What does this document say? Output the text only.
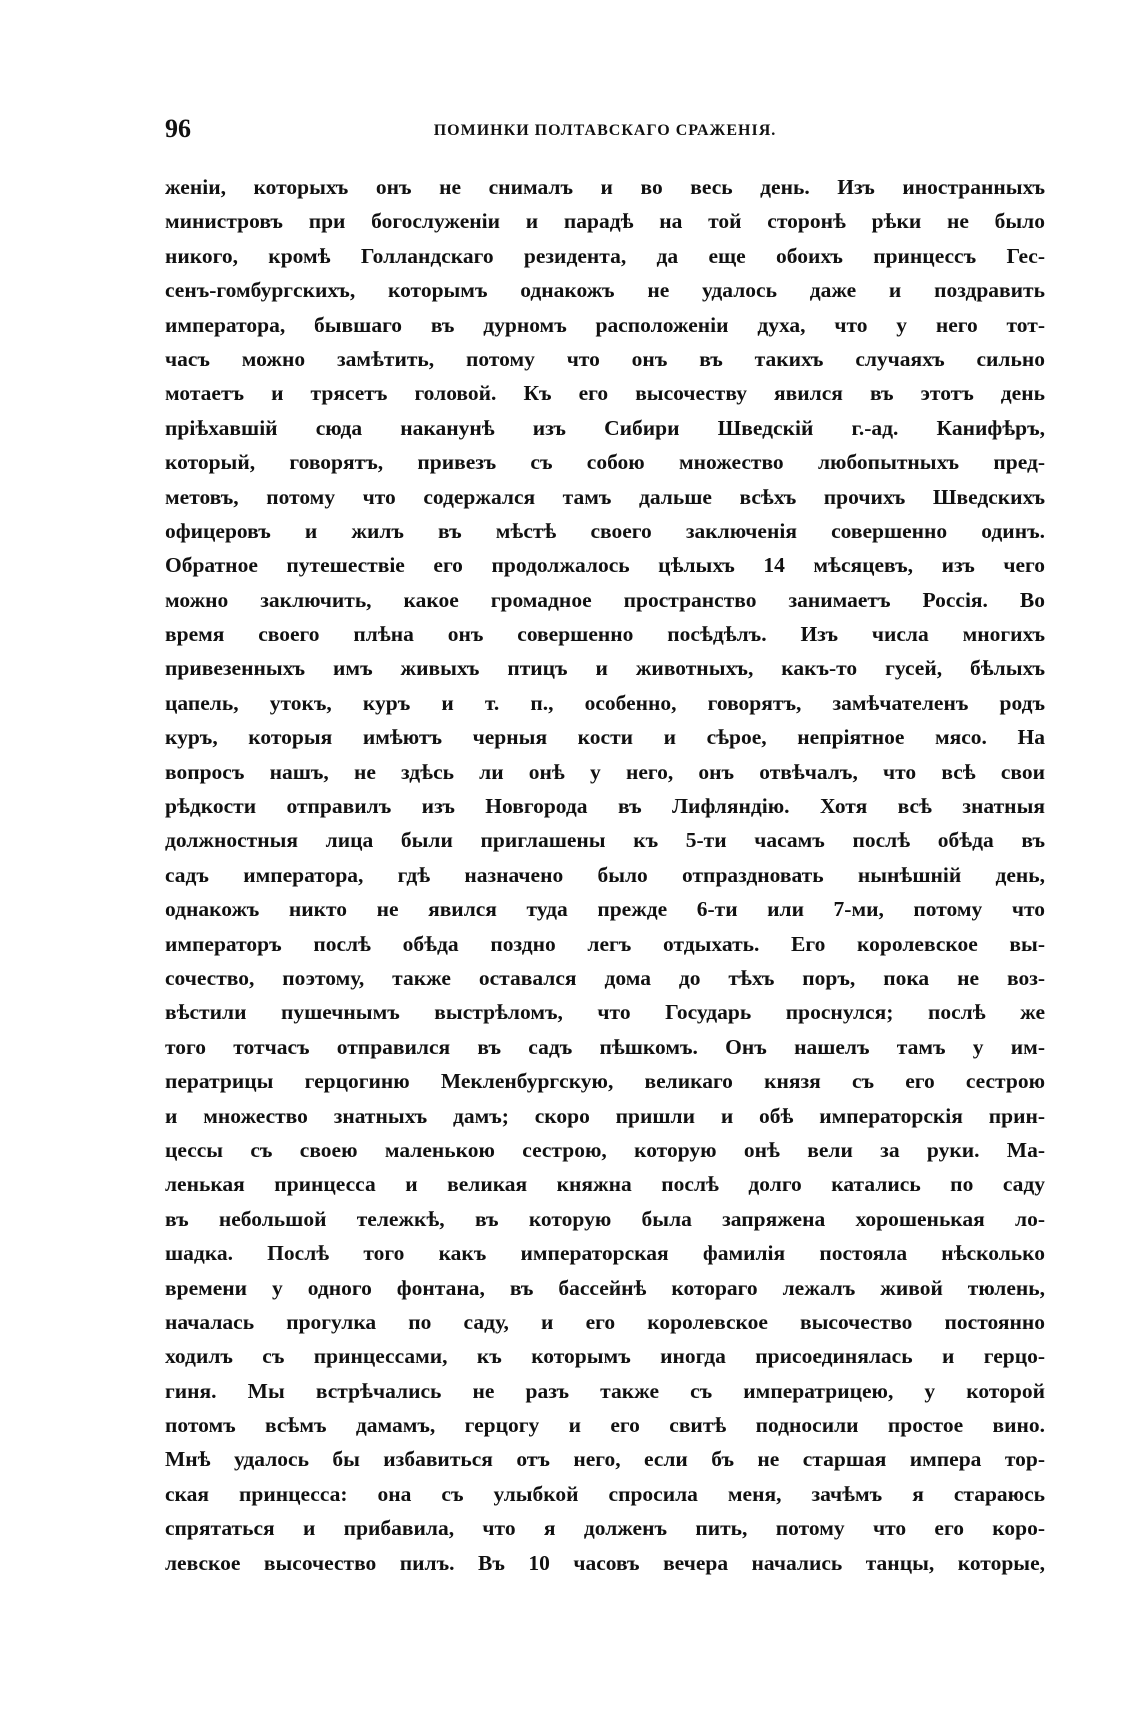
96	ПОМИНКИ ПОЛТАВСКАГО СРАЖЕНІЯ.
женіи, которыхъ онъ не снималъ и во весь день. Изъ иностранныхъ
министровъ при богослуженіи и парадѣ на той сторонѣ рѣки не было
никого, кромѣ Голландскаго резидента, да еще обоихъ принцессъ Гес-
сенъ-гомбургскихъ, которымъ однакожъ не удалось даже и поздравить
императора, бывшаго въ дурномъ расположеніи духа, что у него тот-
часъ можно замѣтить, потому что онъ въ такихъ случаяхъ сильно
мотаетъ и трясетъ головой. Къ его высочеству явился въ этотъ день
пріѣхавшій сюда наканунѣ изъ Сибири Шведскій г.-ад. Канифѣръ,
который, говорятъ, привезъ съ собою множество любопытныхъ пред-
метовъ, потому что содержался тамъ дальше всѣхъ прочихъ Шведскихъ
офицеровъ и жилъ въ мѣстѣ своего заключенія совершенно одинъ.
Обратное путешествіе его продолжалось цѣлыхъ 14 мѣсяцевъ, изъ чего
можно заключить, какое громадное пространство занимаетъ Россія. Во
время своего плѣна онъ совершенно посѣдѣлъ. Изъ числа многихъ
привезенныхъ имъ живыхъ птицъ и животныхъ, какъ-то гусей, бѣлыхъ
цапель, утокъ, куръ и т. п., особенно, говорятъ, замѣчателенъ родъ
куръ, которыя имѣютъ черныя кости и сѣрое, непріятное мясо. На
вопросъ нашъ, не здѣсь ли онѣ у него, онъ отвѣчалъ, что всѣ свои
рѣдкости отправилъ изъ Новгорода въ Лифляндію. Хотя всѣ знатныя
должностныя лица были приглашены къ 5-ти часамъ послѣ обѣда въ
садъ императора, гдѣ назначено было отпраздновать нынѣшній день,
однакожъ никто не явился туда прежде 6-ти или 7-ми, потому что
императоръ послѣ обѣда поздно легъ отдыхать. Его королевское вы-
сочество, поэтому, также оставался дома до тѣхъ поръ, пока не воз-
вѣстили пушечнымъ выстрѣломъ, что Государь проснулся; послѣ же
того тотчасъ отправился въ садъ пѣшкомъ. Онъ нашелъ тамъ у им-
ператрицы герцогиню Мекленбургскую, великаго князя съ его сестрою
и множество знатныхъ дамъ; скоро пришли и обѣ императорскія прин-
цессы съ своею маленькою сестрою, которую онѣ вели за руки. Ма-
ленькая принцесса и великая княжна послѣ долго катались по саду
въ небольшой тележкѣ, въ которую была запряжена хорошенькая ло-
шадка. Послѣ того какъ императорская фамилія постояла нѣсколько
времени у одного фонтана, въ бассейнѣ котораго лежалъ живой тюлень,
началась прогулка по саду, и его королевское высочество постоянно
ходилъ съ принцессами, къ которымъ иногда присоединялась и герцо-
гиня. Мы встрѣчались не разъ также съ императрицею, у которой
потомъ всѣмъ дамамъ, герцогу и его свитѣ подносили простое вино.
Мнѣ удалось бы избавиться отъ него, если бъ не старшая импера тор-
ская принцесса: она съ улыбкой спросила меня, зачѣмъ я стараюсь
спрятаться и прибавила, что я долженъ пить, потому что его коро-
левское высочество пилъ. Въ 10 часовъ вечера начались танцы, которые,
